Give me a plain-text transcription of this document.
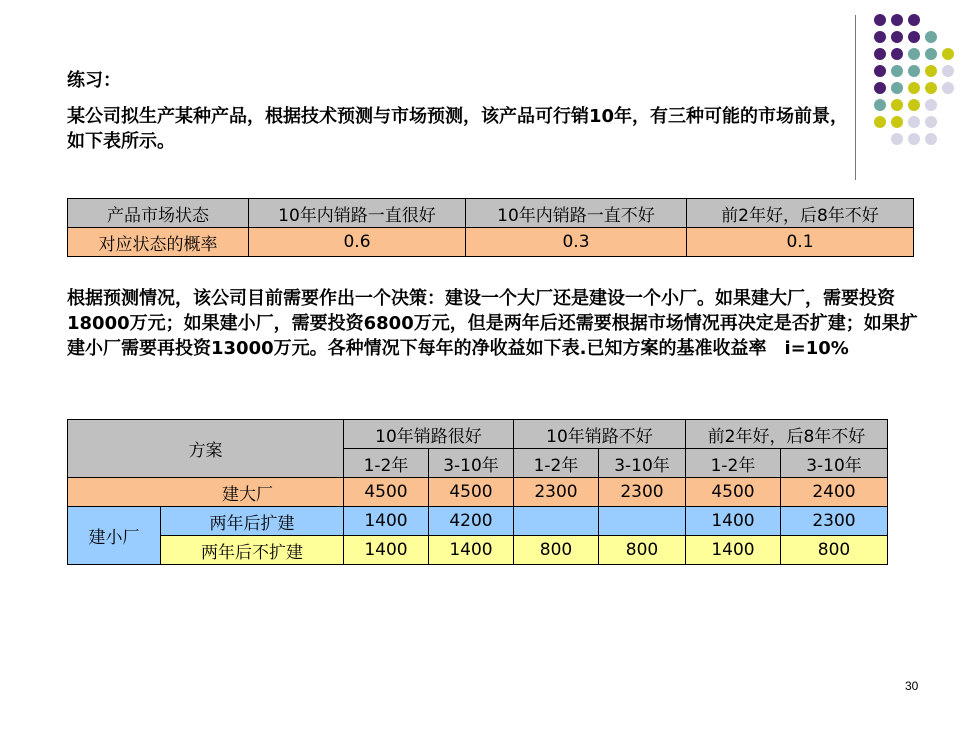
练习：
某公司拟生产某种产品，根据技术预测与市场预测，该产品可行销10年，有三种可能的市场前景，如下表所示。
产品市场状态	10年内销路一直很好	10年内销路一直不好	前2年好，后8年不好
对应状态的概率	0.6	0.3	0.1
根据预测情况，该公司目前需要作出一个决策：建设一个大厂还是建设一个小厂。如果建大厂，需要投资18000万元；如果建小厂，需要投资6800万元，但是两年后还需要根据市场情况再决定是否扩建；如果扩建小厂需要再投资13000万元。各种情况下每年的净收益如下表.已知方案的基准收益率　i=10%
方案		10年销路很好		10年销路不好		前2年好，后8年不好	
		1-2年	3-10年	1-2年	3-10年	1-2年	3-10年
建大厂		4500	4500	2300	2300	4500	2400
建小厂	两年后扩建	1400	4200			1400	2300
	两年后不扩建	1400	1400	800	800	1400	800
30
